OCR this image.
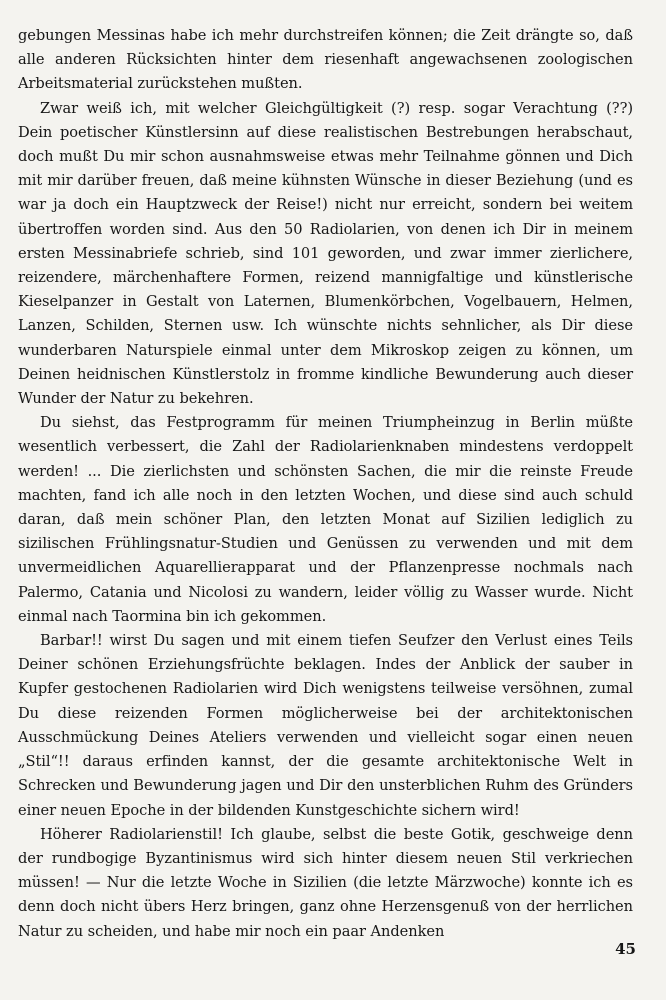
gebungen Messinas habe ich mehr durchstreifen können; die Zeit drängte so, daß alle anderen Rücksichten hinter dem riesenhaft angewachsenen zoologischen Arbeitsmaterial zurückstehen mußten.

Zwar weiß ich, mit welcher Gleichgültigkeit (?) resp. sogar Verachtung (??) Dein poetischer Künstlersinn auf diese realistischen Bestrebungen herabschaut, doch mußt Du mir schon ausnahmsweise etwas mehr Teilnahme gönnen und Dich mit mir darüber freuen, daß meine kühnsten Wünsche in dieser Beziehung (und es war ja doch ein Hauptzweck der Reise!) nicht nur erreicht, sondern bei weitem übertroffen worden sind. Aus den 50 Radiolarien, von denen ich Dir in meinem ersten Messinabriefe schrieb, sind 101 geworden, und zwar immer zierlichere, reizendere, märchenhaftere Formen, reizend mannigfaltige und künstlerische Kieselpanzer in Gestalt von Laternen, Blumenkörbchen, Vogelbauern, Helmen, Lanzen, Schilden, Sternen usw. Ich wünschte nichts sehnlicher, als Dir diese wunderbaren Naturspiele einmal unter dem Mikroskop zeigen zu können, um Deinen heidnischen Künstlerstolz in fromme kindliche Bewunderung auch dieser Wunder der Natur zu bekehren.

Du siehst, das Festprogramm für meinen Triumpheinzug in Berlin müßte wesentlich verbessert, die Zahl der Radiolarienknaben mindestens verdoppelt werden! ... Die zierlichsten und schönsten Sachen, die mir die reinste Freude machten, fand ich alle noch in den letzten Wochen, und diese sind auch schuld daran, daß mein schöner Plan, den letzten Monat auf Sizilien lediglich zu sizilischen Frühlingsnatur-Studien und Genüssen zu verwenden und mit dem unvermeidlichen Aquarellierapparat und der Pflanzenpresse nochmals nach Palermo, Catania und Nicolosi zu wandern, leider völlig zu Wasser wurde. Nicht einmal nach Taormina bin ich gekommen.

Barbar!! wirst Du sagen und mit einem tiefen Seufzer den Verlust eines Teils Deiner schönen Erziehungsfrüchte beklagen. Indes der Anblick der sauber in Kupfer gestochenen Radiolarien wird Dich wenigstens teilweise versöhnen, zumal Du diese reizenden Formen möglicherweise bei der architektonischen Ausschmückung Deines Ateliers verwenden und vielleicht sogar einen neuen „Stil“!! daraus erfinden kannst, der die gesamte architektonische Welt in Schrecken und Bewunderung jagen und Dir den unsterblichen Ruhm des Gründers einer neuen Epoche in der bildenden Kunstgeschichte sichern wird!

Höherer Radiolarienstil! Ich glaube, selbst die beste Gotik, geschweige denn der rundbogige Byzantinismus wird sich hinter diesem neuen Stil verkriechen müssen! — Nur die letzte Woche in Sizilien (die letzte Märzwoche) konnte ich es denn doch nicht übers Herz bringen, ganz ohne Herzensgenuß von der herrlichen Natur zu scheiden, und habe mir noch ein paar Andenken

45
